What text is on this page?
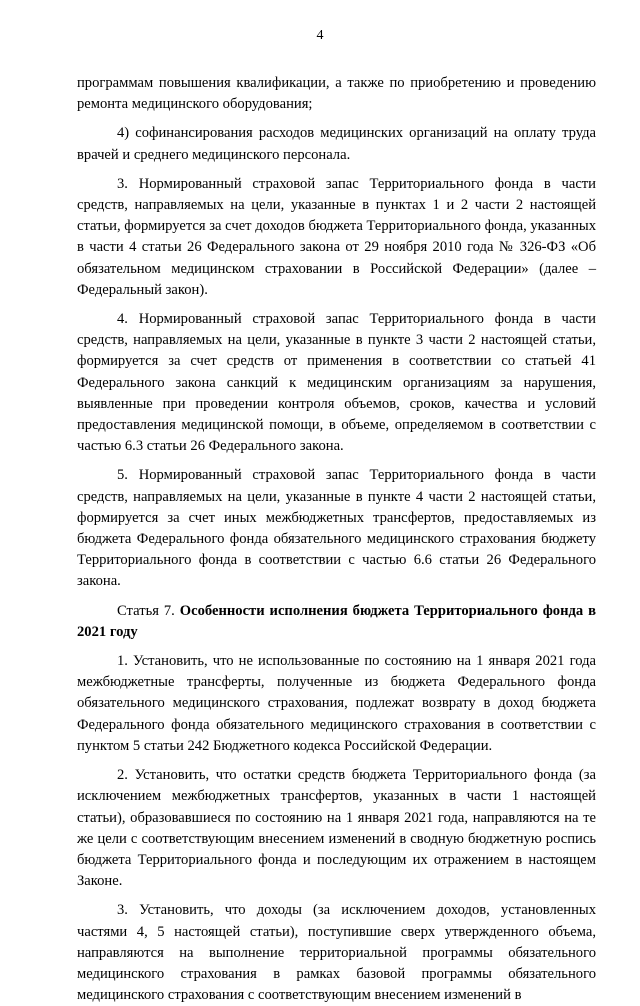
4

программам повышения квалификации, а также по приобретению и проведению ремонта медицинского оборудования;

4) софинансирования расходов медицинских организаций на оплату труда врачей и среднего медицинского персонала.

3. Нормированный страховой запас Территориального фонда в части средств, направляемых на цели, указанные в пунктах 1 и 2 части 2 настоящей статьи, формируется за счет доходов бюджета Территориального фонда, указанных в части 4 статьи 26 Федерального закона от 29 ноября 2010 года № 326-ФЗ «Об обязательном медицинском страховании в Российской Федерации» (далее – Федеральный закон).

4. Нормированный страховой запас Территориального фонда в части средств, направляемых на цели, указанные в пункте 3 части 2 настоящей статьи, формируется за счет средств от применения в соответствии со статьей 41 Федерального закона санкций к медицинским организациям за нарушения, выявленные при проведении контроля объемов, сроков, качества и условий предоставления медицинской помощи, в объеме, определяемом в соответствии с частью 6.3 статьи 26 Федерального закона.

5. Нормированный страховой запас Территориального фонда в части средств, направляемых на цели, указанные в пункте 4 части 2 настоящей статьи, формируется за счет иных межбюджетных трансфертов, предоставляемых из бюджета Федерального фонда обязательного медицинского страхования бюджету Территориального фонда в соответствии с частью 6.6 статьи 26 Федерального закона.

Статья 7. Особенности исполнения бюджета Территориального фонда в 2021 году

1. Установить, что не использованные по состоянию на 1 января 2021 года межбюджетные трансферты, полученные из бюджета Федерального фонда обязательного медицинского страхования, подлежат возврату в доход бюджета Федерального фонда обязательного медицинского страхования в соответствии с пунктом 5 статьи 242 Бюджетного кодекса Российской Федерации.

2. Установить, что остатки средств бюджета Территориального фонда (за исключением межбюджетных трансфертов, указанных в части 1 настоящей статьи), образовавшиеся по состоянию на 1 января 2021 года, направляются на те же цели с соответствующим внесением изменений в сводную бюджетную роспись бюджета Территориального фонда и последующим их отражением в настоящем Законе.

3. Установить, что доходы (за исключением доходов, установленных частями 4, 5 настоящей статьи), поступившие сверх утвержденного объема, направляются на выполнение территориальной программы обязательного медицинского страхования в рамках базовой программы обязательного медицинского страхования с соответствующим внесением изменений в
